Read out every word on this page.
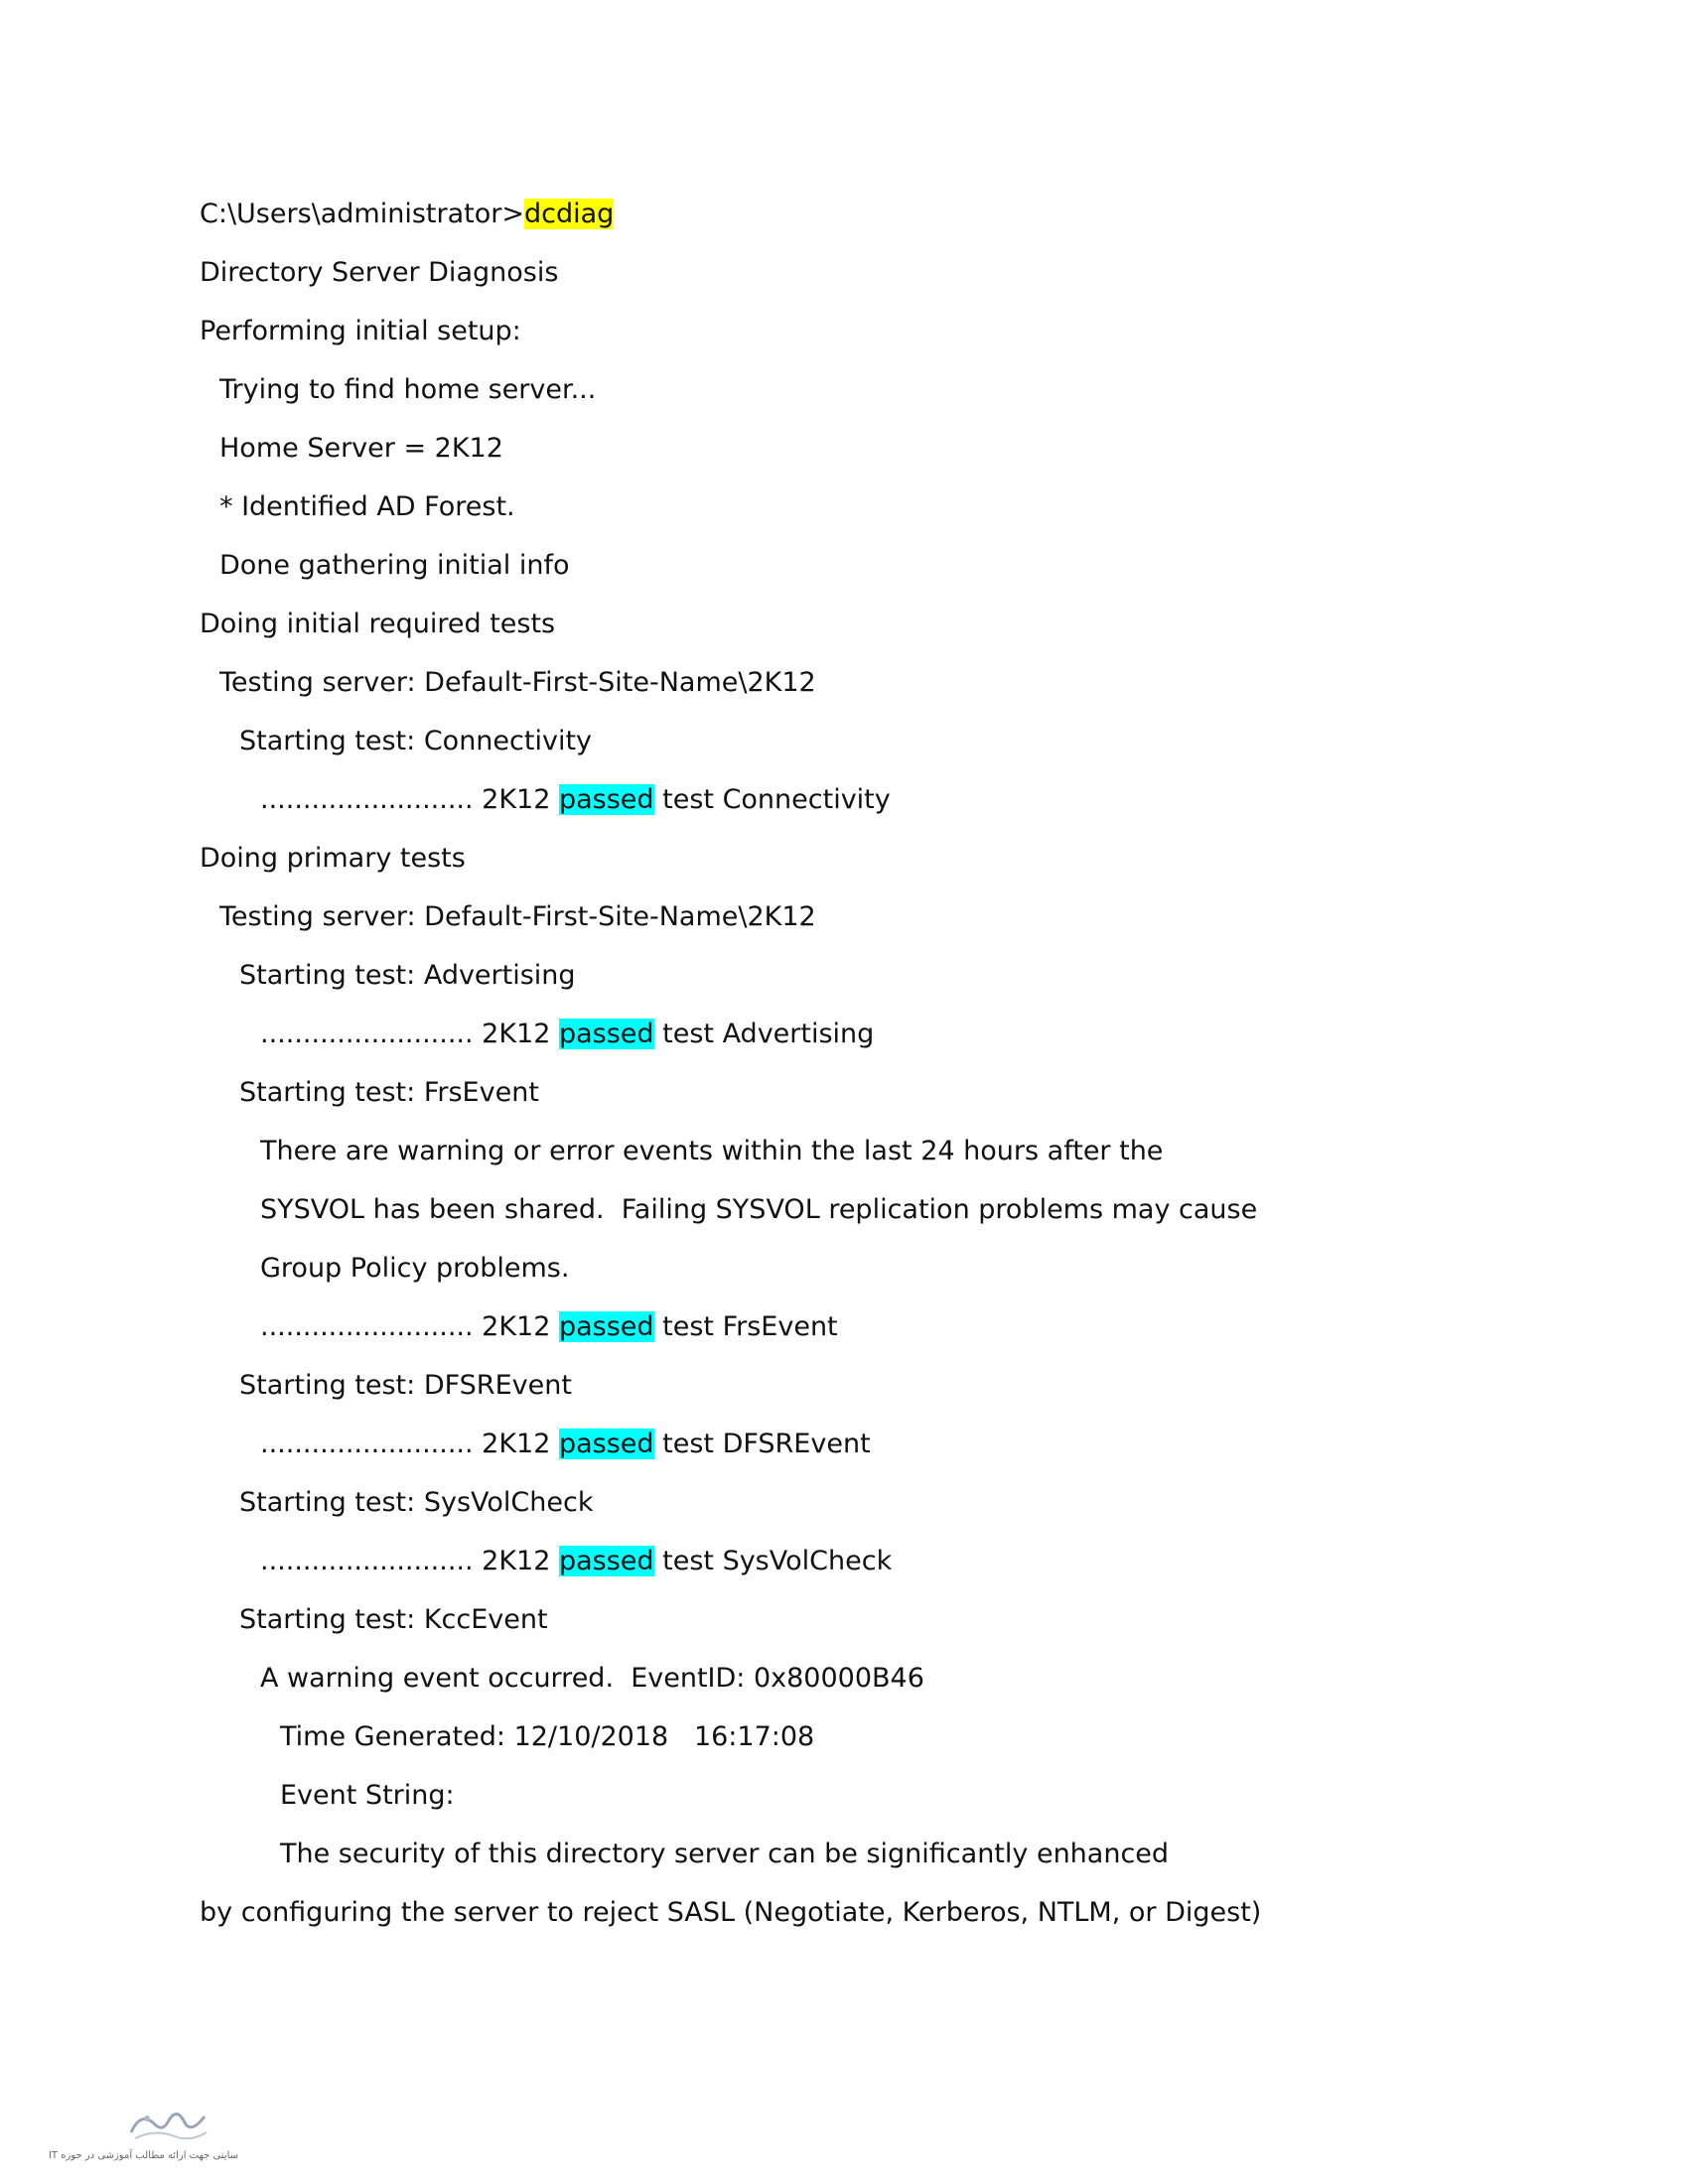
C:\Users\administrator>dcdiag
Directory Server Diagnosis
Performing initial setup:
Trying to find home server...
Home Server = 2K12
* Identified AD Forest.
Done gathering initial info
Doing initial required tests
Testing server: Default-First-Site-Name\2K12
Starting test: Connectivity
......................... 2K12 passed test Connectivity
Doing primary tests
Testing server: Default-First-Site-Name\2K12
Starting test: Advertising
......................... 2K12 passed test Advertising
Starting test: FrsEvent
There are warning or error events within the last 24 hours after the
SYSVOL has been shared.  Failing SYSVOL replication problems may cause
Group Policy problems.
......................... 2K12 passed test FrsEvent
Starting test: DFSREvent
......................... 2K12 passed test DFSREvent
Starting test: SysVolCheck
......................... 2K12 passed test SysVolCheck
Starting test: KccEvent
A warning event occurred.  EventID: 0x80000B46
Time Generated: 12/10/2018   16:17:08
Event String:
The security of this directory server can be significantly enhanced
by configuring the server to reject SASL (Negotiate, Kerberos, NTLM, or Digest)
سایتی جهت ارائه مطالب آموزشی در حوزه IT
